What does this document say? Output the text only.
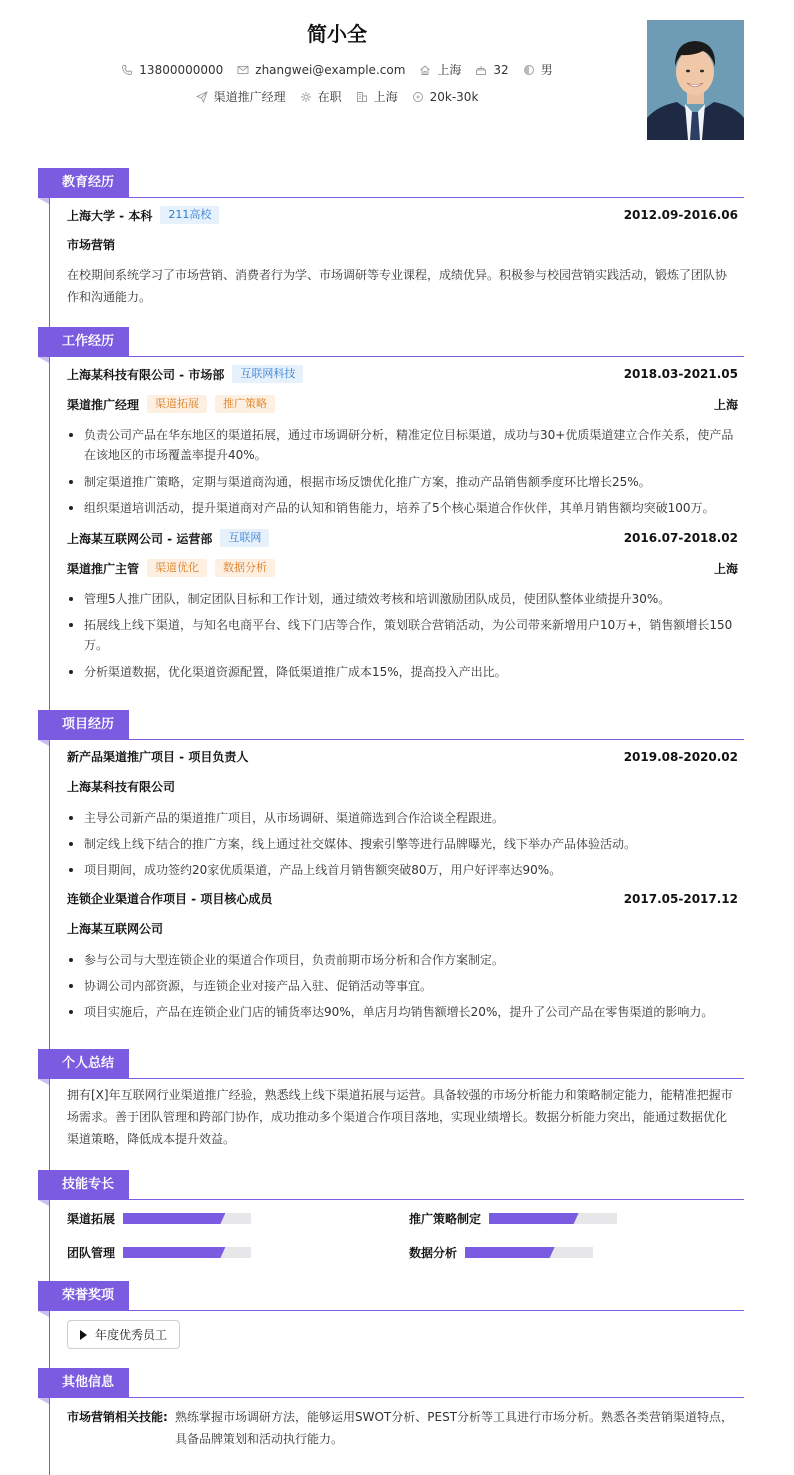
简小全
13800000000	zhangwei@example.com	上海	32	男
渠道推广经理	在职	上海	20k-30k
教育经历
上海大学 - 本科	211高校	2012.09-2016.06
市场营销
在校期间系统学习了市场营销、消费者行为学、市场调研等专业课程，成绩优异。积极参与校园营销实践活动，锻炼了团队协作和沟通能力。
工作经历
上海某科技有限公司 - 市场部	互联网科技	2018.03-2021.05
渠道推广经理	渠道拓展	推广策略	上海
负责公司产品在华东地区的渠道拓展，通过市场调研分析，精准定位目标渠道，成功与30+优质渠道建立合作关系，使产品在该地区的市场覆盖率提升40%。
制定渠道推广策略，定期与渠道商沟通，根据市场反馈优化推广方案，推动产品销售额季度环比增长25%。
组织渠道培训活动，提升渠道商对产品的认知和销售能力，培养了5个核心渠道合作伙伴，其单月销售额均突破100万。
上海某互联网公司 - 运营部	互联网	2016.07-2018.02
渠道推广主管	渠道优化	数据分析	上海
管理5人推广团队，制定团队目标和工作计划，通过绩效考核和培训激励团队成员，使团队整体业绩提升30%。
拓展线上线下渠道，与知名电商平台、线下门店等合作，策划联合营销活动，为公司带来新增用户10万+，销售额增长150万。
分析渠道数据，优化渠道资源配置，降低渠道推广成本15%，提高投入产出比。
项目经历
新产品渠道推广项目 - 项目负责人	2019.08-2020.02
上海某科技有限公司
主导公司新产品的渠道推广项目，从市场调研、渠道筛选到合作洽谈全程跟进。
制定线上线下结合的推广方案，线上通过社交媒体、搜索引擎等进行品牌曝光，线下举办产品体验活动。
项目期间，成功签约20家优质渠道，产品上线首月销售额突破80万，用户好评率达90%。
连锁企业渠道合作项目 - 项目核心成员	2017.05-2017.12
上海某互联网公司
参与公司与大型连锁企业的渠道合作项目，负责前期市场分析和合作方案制定。
协调公司内部资源，与连锁企业对接产品入驻、促销活动等事宜。
项目实施后，产品在连锁企业门店的铺货率达90%，单店月均销售额增长20%，提升了公司产品在零售渠道的影响力。
个人总结
拥有[X]年互联网行业渠道推广经验，熟悉线上线下渠道拓展与运营。具备较强的市场分析能力和策略制定能力，能精准把握市场需求。善于团队管理和跨部门协作，成功推动多个渠道合作项目落地，实现业绩增长。数据分析能力突出，能通过数据优化渠道策略，降低成本提升效益。
技能专长
渠道拓展	推广策略制定
团队管理	数据分析
荣誉奖项
年度优秀员工
其他信息
市场营销相关技能: 熟练掌握市场调研方法，能够运用SWOT分析、PEST分析等工具进行市场分析。熟悉各类营销渠道特点，具备品牌策划和活动执行能力。
